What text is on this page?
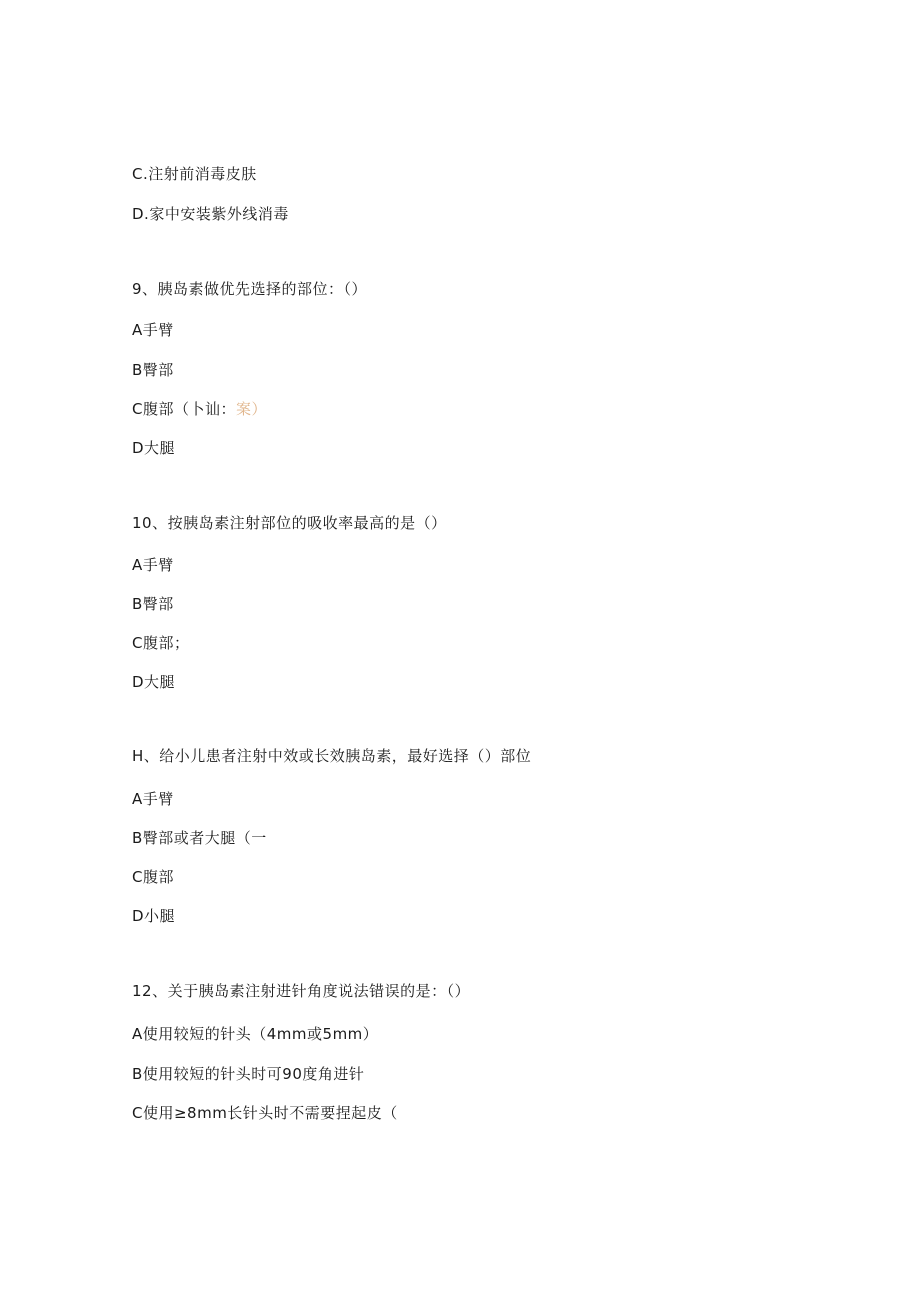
C.注射前消毒皮肤
D.家中安装紫外线消毒
9、胰岛素做优先选择的部位：（）
A手臂
B臀部
C腹部（卜讪：案）
D大腿
10、按胰岛素注射部位的吸收率最高的是（）
A手臂
B臀部
C腹部；
D大腿
H、给小儿患者注射中效或长效胰岛素，最好选择（）部位
A手臂
B臀部或者大腿（一
C腹部
D小腿
12、关于胰岛素注射进针角度说法错误的是：（）
A使用较短的针头（4mm或5mm）
B使用较短的针头时可90度角进针
C使用≥8mm长针头时不需要捏起皮（
